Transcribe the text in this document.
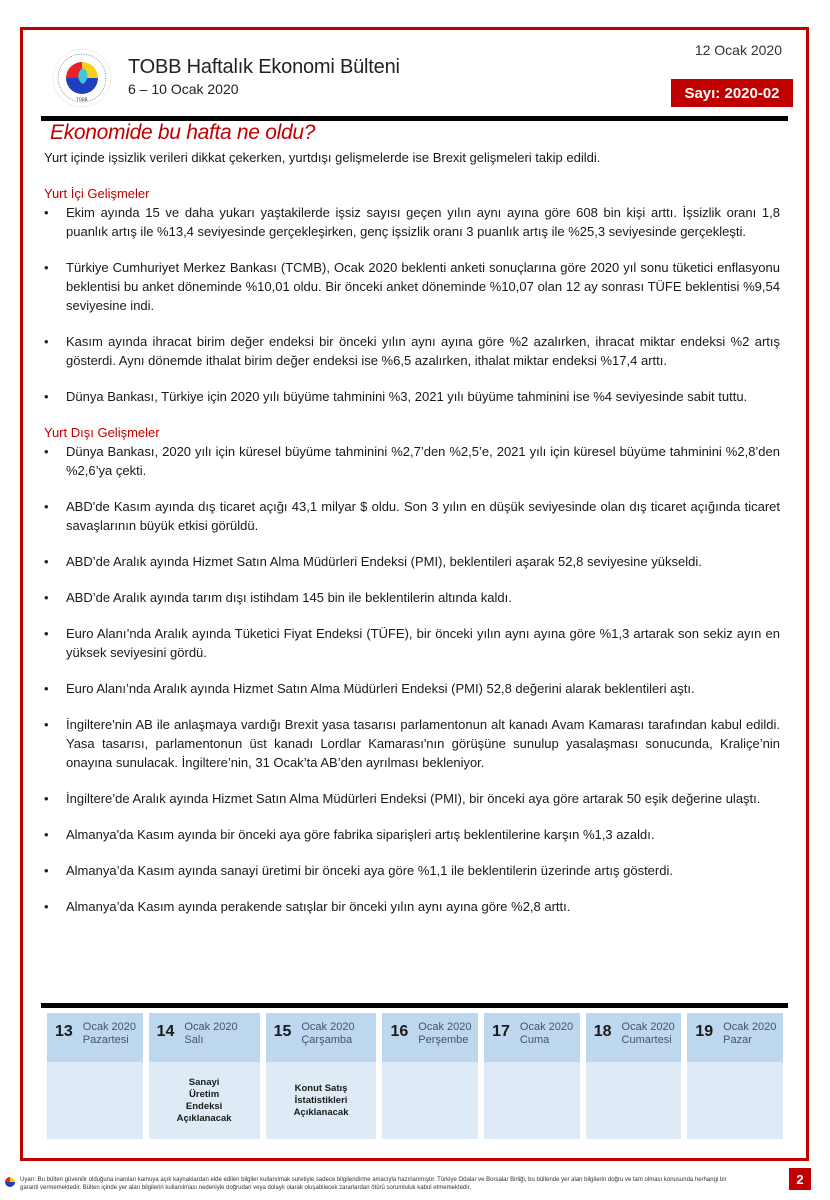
TOBB
TOBB Haftalık Ekonomi Bülteni
6 – 10 Ocak 2020
12 Ocak 2020
Sayı: 2020-02
Ekonomide bu hafta ne oldu?

Yurt içinde işsizlik verileri dikkat çekerken, yurtdışı gelişmelerde ise Brexit gelişmeleri takip edildi.

Yurt İçi Gelişmeler

• Ekim ayında 15 ve daha yukarı yaştakilerde işsiz sayısı geçen yılın aynı ayına göre 608 bin kişi arttı. İşsizlik oranı 1,8 puanlık artış ile %13,4 seviyesinde gerçekleşirken, genç işsizlik oranı 3 puanlık artış ile %25,3 seviyesinde gerçekleşti.
• Türkiye Cumhuriyet Merkez Bankası (TCMB), Ocak 2020 beklenti anketi sonuçlarına göre 2020 yıl sonu tüketici enflasyonu beklentisi bu anket döneminde %10,01 oldu. Bir önceki anket döneminde %10,07 olan 12 ay sonrası TÜFE beklentisi %9,54 seviyesine indi.
• Kasım ayında ihracat birim değer endeksi bir önceki yılın aynı ayına göre %2 azalırken, ihracat miktar endeksi %2 artış gösterdi. Aynı dönemde ithalat birim değer endeksi ise %6,5 azalırken, ithalat miktar endeksi %17,4 arttı.
• Dünya Bankası, Türkiye için 2020 yılı büyüme tahminini %3, 2021 yılı büyüme tahminini ise %4 seviyesinde sabit tuttu.

Yurt Dışı Gelişmeler

• Dünya Bankası, 2020 yılı için küresel büyüme tahminini %2,7’den %2,5’e, 2021 yılı için küresel büyüme tahminini %2,8’den %2,6’ya çekti.
• ABD'de Kasım ayında dış ticaret açığı 43,1 milyar $ oldu. Son 3 yılın en düşük seviyesinde olan dış ticaret açığında ticaret savaşlarının büyük etkisi görüldü.
• ABD’de Aralık ayında Hizmet Satın Alma Müdürleri Endeksi (PMI), beklentileri aşarak 52,8 seviyesine yükseldi.
• ABD’de Aralık ayında tarım dışı istihdam 145 bin ile beklentilerin altında kaldı.
• Euro Alanı’nda Aralık ayında Tüketici Fiyat Endeksi (TÜFE), bir önceki yılın aynı ayına göre %1,3 artarak son sekiz ayın en yüksek seviyesini gördü.
• Euro Alanı’nda Aralık ayında Hizmet Satın Alma Müdürleri Endeksi (PMI) 52,8 değerini alarak beklentileri aştı.
• İngiltere'nin AB ile anlaşmaya vardığı Brexit yasa tasarısı parlamentonun alt kanadı Avam Kamarası tarafından kabul edildi. Yasa tasarısı, parlamentonun üst kanadı Lordlar Kamarası'nın görüşüne sunulup yasalaşması sonucunda, Kraliçe’nin onayına sunulacak. İngiltere’nin, 31 Ocak’ta AB’den ayrılması bekleniyor.
• İngiltere’de Aralık ayında Hizmet Satın Alma Müdürleri Endeksi (PMI), bir önceki aya göre artarak 50 eşik değerine ulaştı.
• Almanya'da Kasım ayında bir önceki aya göre fabrika siparişleri artış beklentilerine karşın %1,3 azaldı.
• Almanya’da Kasım ayında sanayi üretimi bir önceki aya göre %1,1 ile beklentilerin üzerinde artış gösterdi.
• Almanya’da Kasım ayında perakende satışlar bir önceki yılın aynı ayına göre %2,8 arttı.
13 Ocak 2020
Pazartesi	14 Ocak 2020
Salı
Sanayi Üretim Endeksi Açıklanacak
15 Ocak 2020
Çarşamba
Konut Satış İstatistikleri Açıklanacak
16 Ocak 2020
Perşembe 17 Ocak 2020
Cuma	18 Ocak 2020
Cumartesi 19 Ocak 2020
Pazar
Uyarı: Bu bülten güvenilir olduğuna inanılan kamuya açık kaynaklardan elde edilen bilgiler kullanılmak suretiyle sadece bilgilendirme amacıyla hazırlanmıştır. Türkiye Odalar ve Borsalar Birliği, bu bültende yer alan bilgilerin doğru ve tam olması konusunda herhangi bir garanti vermemektedir. Bülten içinde yer alan bilgilerin kullanılması nedeniyle doğrudan veya dolaylı olarak oluşabilecek zararlardan ötürü sorumluluk kabul etmemektedir.
2
